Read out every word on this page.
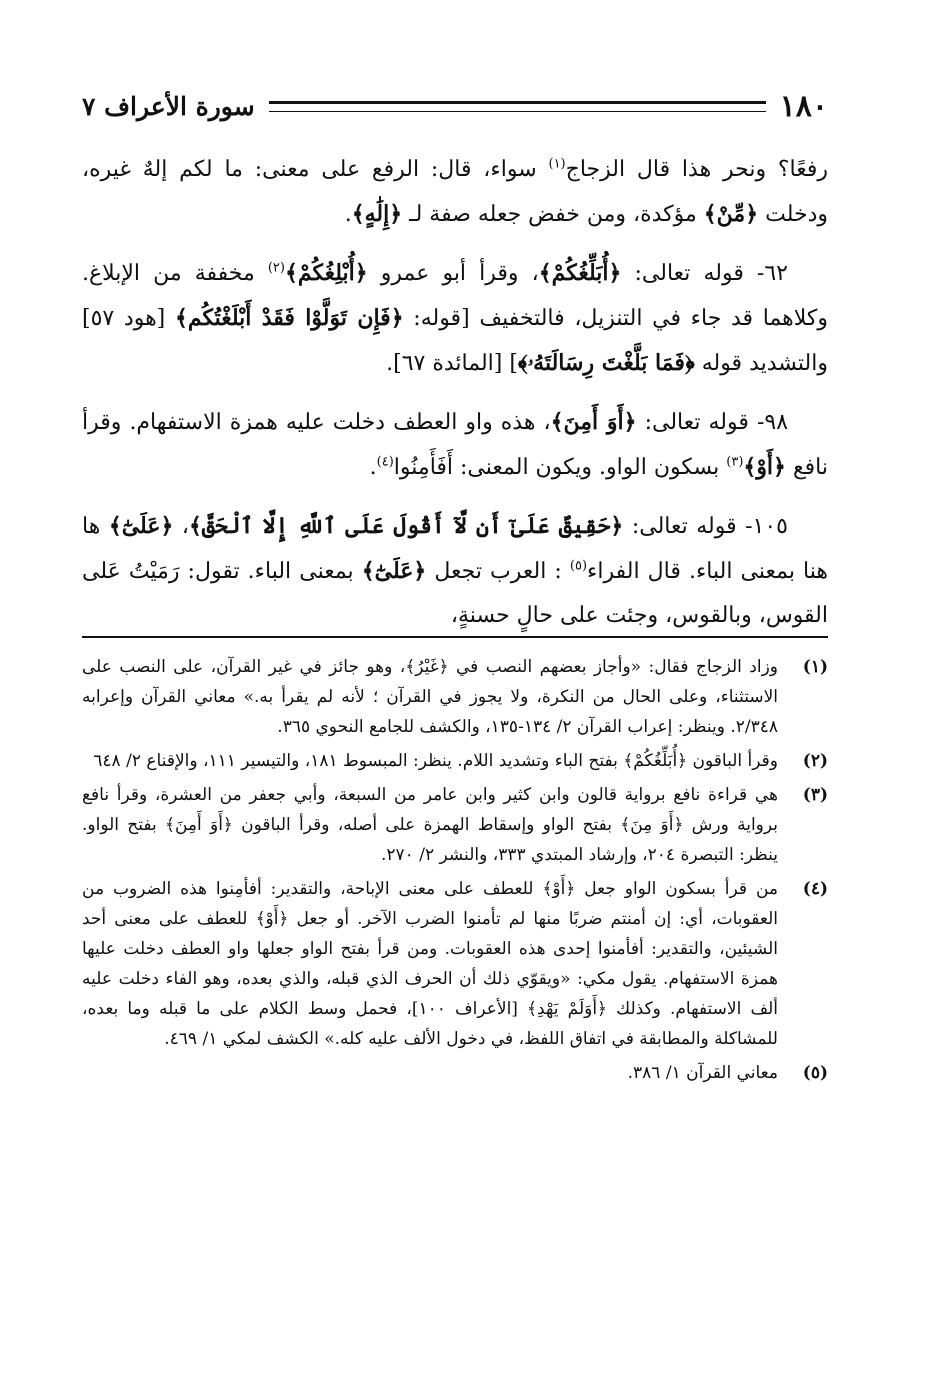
١٨٠
سورة الأعراف ٧

رفعًا؟ ونحر هذا قال الزجاج$^{(١)}$ سواء، قال: الرفع على معنى: ما لكم إلهٌ غيره، ودخلت ﴿مِّنْ﴾ مؤكدة، ومن خفض جعله صفة لـ ﴿إِلَٰهٍ﴾.

٦٢- قوله تعالى: ﴿أُبَلِّغُكُمْ﴾، وقرأ أبو عمرو ﴿أُبْلِغُكُمْ﴾$^{(٢)}$ مخففة من الإبلاغ. وكلاهما قد جاء في التنزيل، فالتخفيف [قوله: ﴿فَإِن تَوَلَّوْا فَقَدْ أَبْلَغْتُكُم﴾ [هود ٥٧] والتشديد قوله ﴿فَمَا بَلَّغْتَ رِسَالَتَهُۥ﴾] [المائدة ٦٧].

٩٨- قوله تعالى: ﴿أَوَ أَمِنَ﴾، هذه واو العطف دخلت عليه همزة الاستفهام. وقرأ نافع ﴿أَوْ﴾$^{(٣)}$ بسكون الواو. ويكون المعنى: أَفَأَمِنُوا$^{(٤)}$.

١٠٥- قوله تعالى: ﴿حَقِيقٌ عَلَىٰٓ أَن لَّآ أَقُولَ عَلَى ٱللَّهِ إِلَّا ٱلْحَقَّ﴾، ﴿عَلَىٰٓ﴾ ها هنا بمعنى الباء. قال الفراء$^{(٥)}$ : العرب تجعل ﴿عَلَىٰٓ﴾ بمعنى الباء. تقول: رَمَيْتُ عَلى القوس، وبالقوس، وجئت على حالٍ حسنةٍ،

(١)
وزاد الزجاج فقال: «وأجاز بعضهم النصب في ﴿غَيْرُ﴾، وهو جائز في غير القرآن، على النصب على الاستثناء، وعلى الحال من النكرة، ولا يجوز في القرآن ؛ لأنه لم يقرأ به.» معاني القرآن وإعرابه ٢/٣٤٨. وينظر: إعراب القرآن ٢/ ١٣٤-١٣٥، والكشف للجامع النحوي ٣٦٥.
(٢)
وقرأ الباقون ﴿أُبَلِّغُكُمْ﴾ بفتح الباء وتشديد اللام. ينظر: المبسوط ١٨١، والتيسير ١١١، والإقناع ٢/ ٦٤٨
(٣)
هي قراءة نافع برواية قالون وابن كثير وابن عامر من السبعة، وأبي جعفر من العشرة، وقرأ نافع برواية ورش ﴿أَوَ مِنَ﴾ بفتح الواو وإسقاط الهمزة على أصله، وقرأ الباقون ﴿أَوَ أَمِنَ﴾ بفتح الواو. ينظر: التبصرة ٢٠٤، وإرشاد المبتدي ٣٣٣، والنشر ٢/ ٢٧٠.
(٤)
من قرأ بسكون الواو جعل ﴿أَوْ﴾ للعطف على معنى الإباحة، والتقدير: أفأمِنوا هذه الضروب من العقوبات، أي: إن أمنتم ضربًا منها لم تأمنوا الضرب الآخر. أو جعل ﴿أَوْ﴾ للعطف على معنى أحد الشيئين، والتقدير: أفأمنوا إحدى هذه العقوبات. ومن قرأ بفتح الواو جعلها واو العطف دخلت عليها همزة الاستفهام. يقول مكي: «ويقوّي ذلك أن الحرف الذي قبله، والذي بعده، وهو الفاء دخلت عليه ألف الاستفهام. وكذلك ﴿أَوَلَمْ يَهْدِ﴾ [الأعراف ١٠٠]، فحمل وسط الكلام على ما قبله وما بعده، للمشاكلة والمطابقة في اتفاق اللفظ، في دخول الألف عليه كله.» الكشف لمكي ١/ ٤٦٩.
(٥)
معاني القرآن ١/ ٣٨٦.
